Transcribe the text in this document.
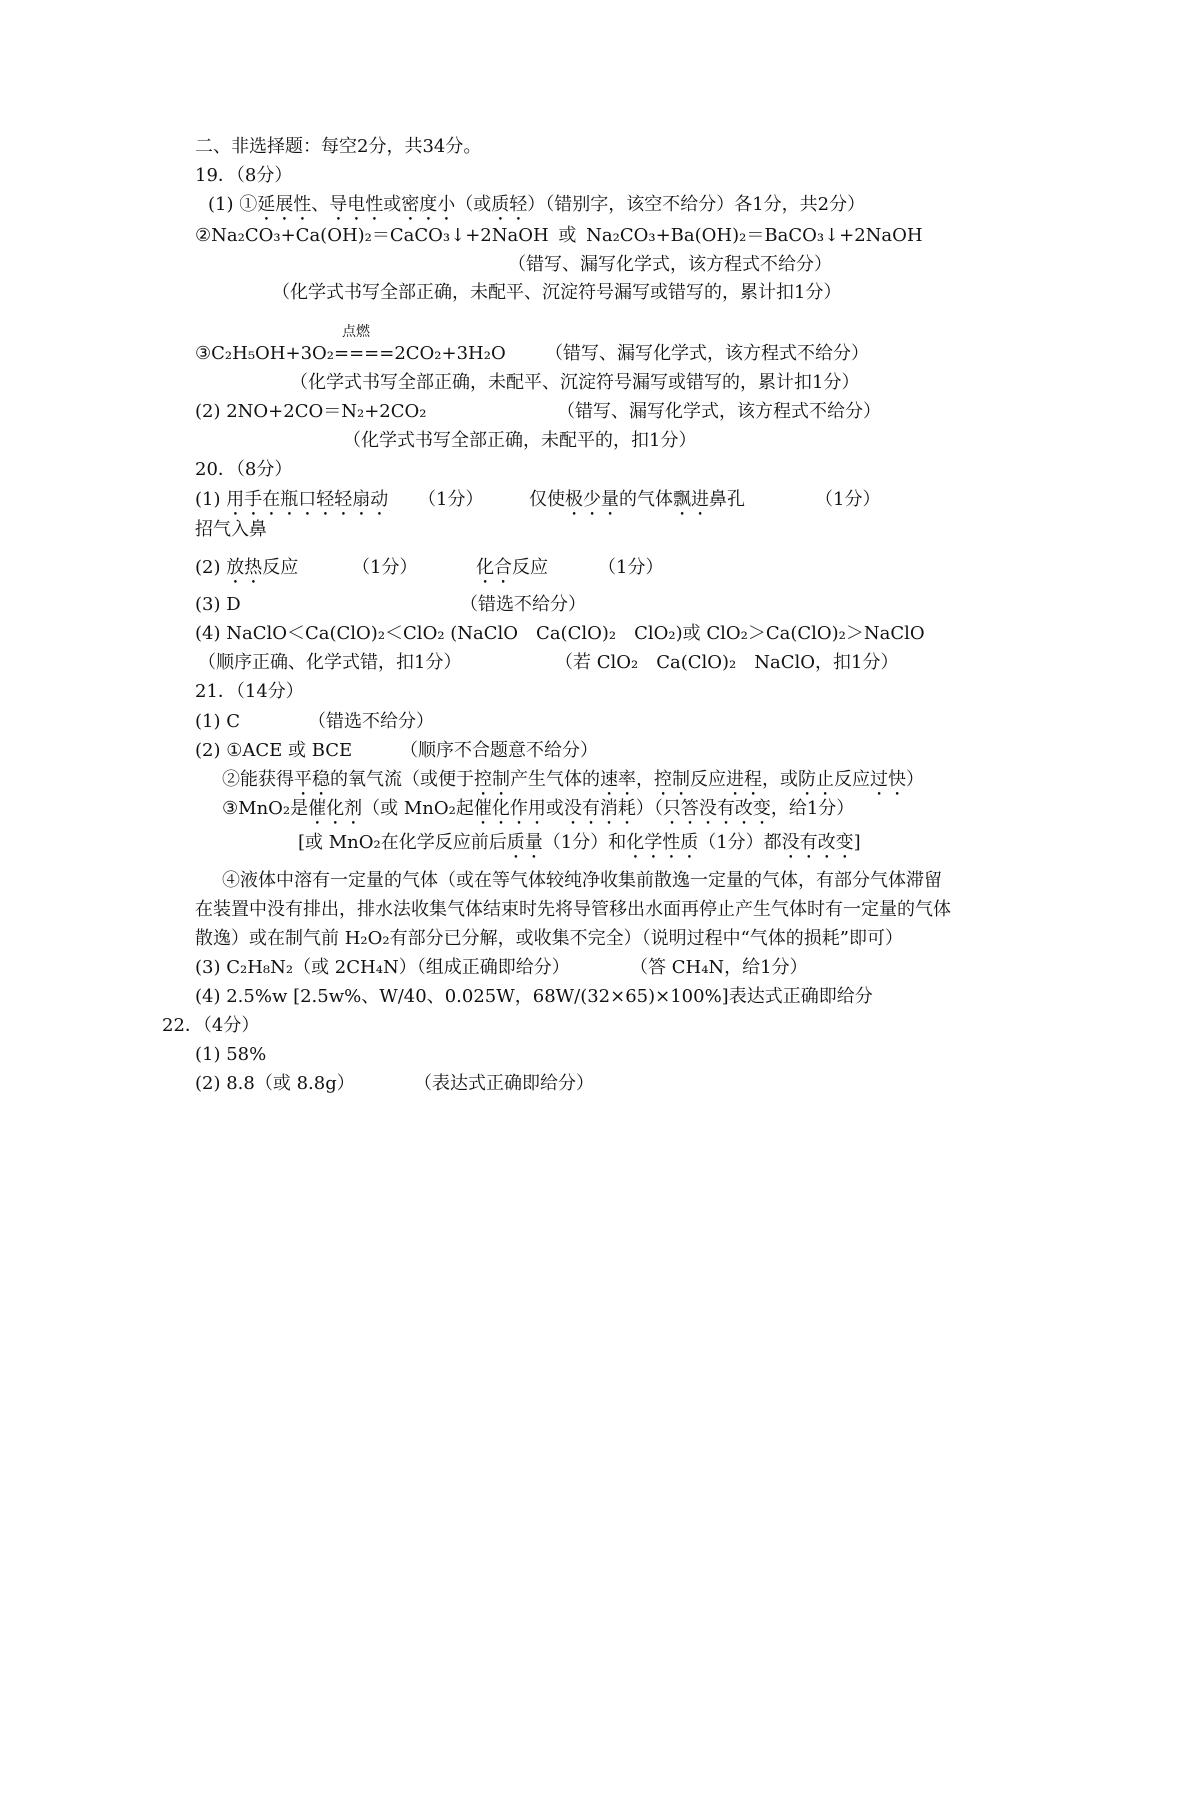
二、非选择题：每空2分，共34分。
19．（8分）
(1) ①延展性、导电性或密度小（或质轻）（错别字，该空不给分）各1分，共2分）
②Na₂CO₃+Ca(OH)₂＝CaCO₃↓+2NaOH 或 Na₂CO₃+Ba(OH)₂＝BaCO₃↓+2NaOH
（错写、漏写化学式，该方程式不给分）
（化学式书写全部正确，未配平、沉淀符号漏写或错写的，累计扣1分）
③C₂H₅OH+3O₂
点燃
====2CO₂+3H₂O （错写、漏写化学式，该方程式不给分）
（化学式书写全部正确，未配平、沉淀符号漏写或错写的，累计扣1分）
(2) 2NO+2CO＝N₂+2CO₂	（错写、漏写化学式，该方程式不给分）
（化学式书写全部正确，未配平的，扣1分）
20．（8分）
(1) 用手在瓶口轻轻扇动 （1分）	仅使极少量的气体飘进鼻孔	（1分）
招气入鼻
(2) 放热反应	（1分）	化合反应	（1分）
(3) D	（错选不给分）
(4) NaClO＜Ca(ClO)₂＜ClO₂ (NaClO　Ca(ClO)₂　ClO₂)或 ClO₂＞Ca(ClO)₂＞NaClO
（顺序正确、化学式错，扣1分）	（若 ClO₂　Ca(ClO)₂　NaClO，扣1分）
21．（14分）
(1) C	（错选不给分）
(2) ①ACE 或 BCE	（顺序不合题意不给分）
②能获得平稳的氧气流（或便于控制产生气体的速率，控制反应进程，或防止反应过快）
③MnO₂是催化剂（或 MnO₂起催化作用或没有消耗）（只答没有改变，给1分）
[或 MnO₂在化学反应前后质量（1分）和化学性质（1分）都没有改变]
④液体中溶有一定量的气体（或在等气体较纯净收集前散逸一定量的气体，有部分气体滞留
在装置中没有排出，排水法收集气体结束时先将导管移出水面再停止产生气体时有一定量的气体
散逸）或在制气前 H₂O₂有部分已分解，或收集不完全）（说明过程中“气体的损耗”即可）
(3) C₂H₈N₂（或 2CH₄N）（组成正确即给分）	（答 CH₄N，给1分）
(4) 2.5%w [2.5w%、W/40、0.025W，68W/(32×65)×100%]表达式正确即给分
22．（4分）
(1) 58%
(2) 8.8（或 8.8g）	（表达式正确即给分）
